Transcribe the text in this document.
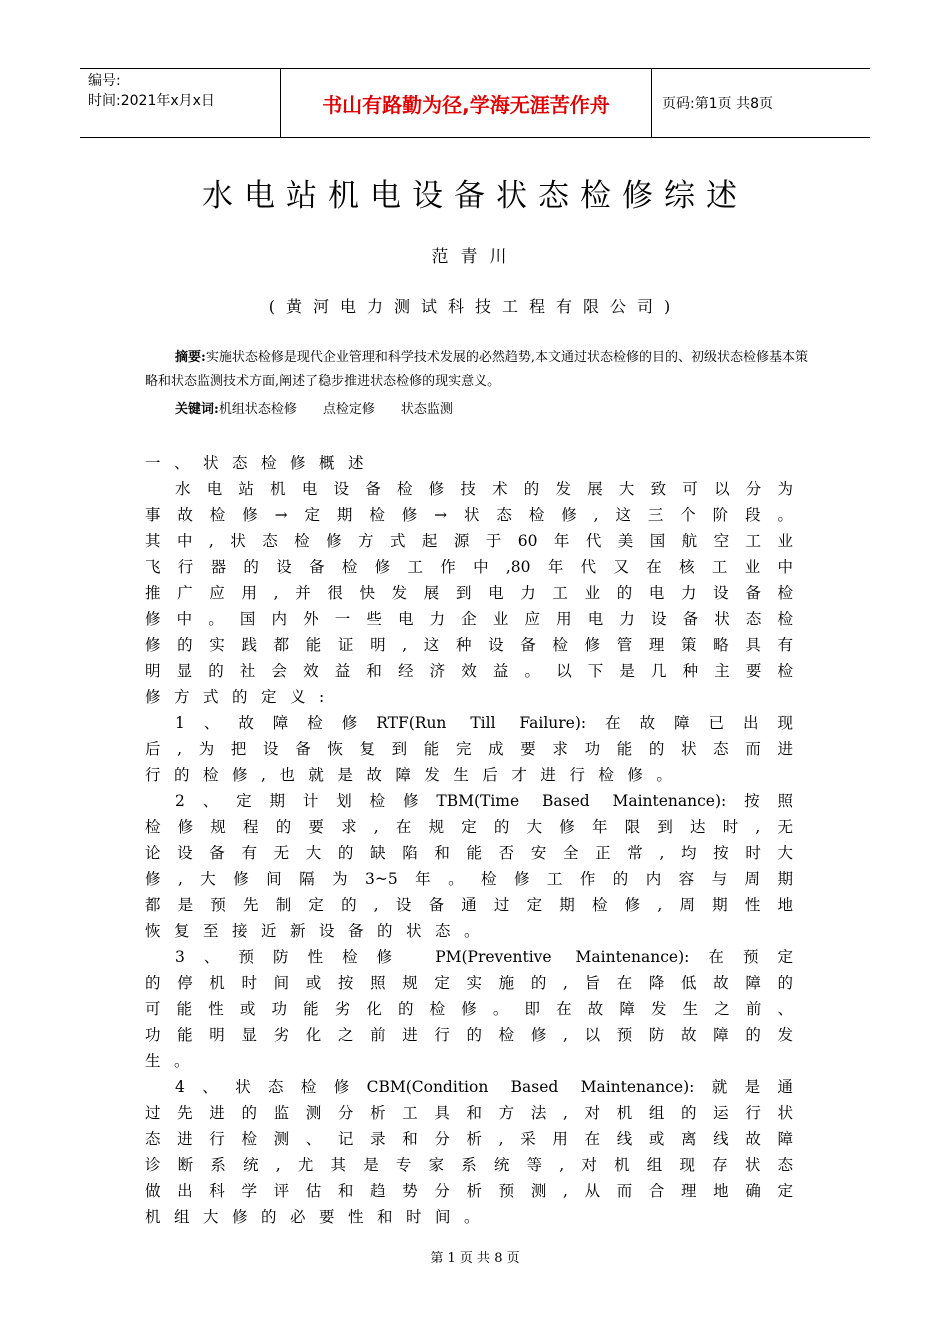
编号:
时间:2021年x月x日	书山有路勤为径,学海无涯苦作舟	页码:第1页 共8页
水电站机电设备状态检修综述
范青川
(黄河电力测试科技工程有限公司)
摘要:实施状态检修是现代企业管理和科学技术发展的必然趋势,本文通过状态检修的目的、初级状态检修基本策略和状态监测技术方面,阐述了稳步推进状态检修的现实意义。
关键词:机组状态检修 点检定修 状态监测
一、状态检修概述
水电站机电设备检修技术的发展大致可以分为
事故检修→定期检修→状态检修,这三个阶段。
其中,状态检修方式起源于60年代美国航空工业
飞行器的设备检修工作中,80年代又在核工业中
推广应用,并很快发展到电力工业的电力设备检
修中。国内外一些电力企业应用电力设备状态检
修的实践都能证明,这种设备检修管理策略具有
明显的社会效益和经济效益。以下是几种主要检
修方式的定义:
1、故障检修RTF(Run Till Failure):在故障已出现
后,为把设备恢复到能完成要求功能的状态而进
行的检修,也就是故障发生后才进行检修。
2、定期计划检修TBM(Time Based Maintenance):按照
检修规程的要求,在规定的大修年限到达时,无
论设备有无大的缺陷和能否安全正常,均按时大
修,大修间隔为3~5年。检修工作的内容与周期
都是预先制定的,设备通过定期检修,周期性地
恢复至接近新设备的状态。
3、预防性检修 PM(Preventive Maintenance):在预定
的停机时间或按照规定实施的,旨在降低故障的
可能性或功能劣化的检修。即在故障发生之前、
功能明显劣化之前进行的检修,以预防故障的发
生。
4、状态检修CBM(Condition Based Maintenance):就是通
过先进的监测分析工具和方法,对机组的运行状
态进行检测、记录和分析,采用在线或离线故障
诊断系统,尤其是专家系统等,对机组现存状态
做出科学评估和趋势分析预测,从而合理地确定
机组大修的必要性和时间。
第 1 页 共 8 页
